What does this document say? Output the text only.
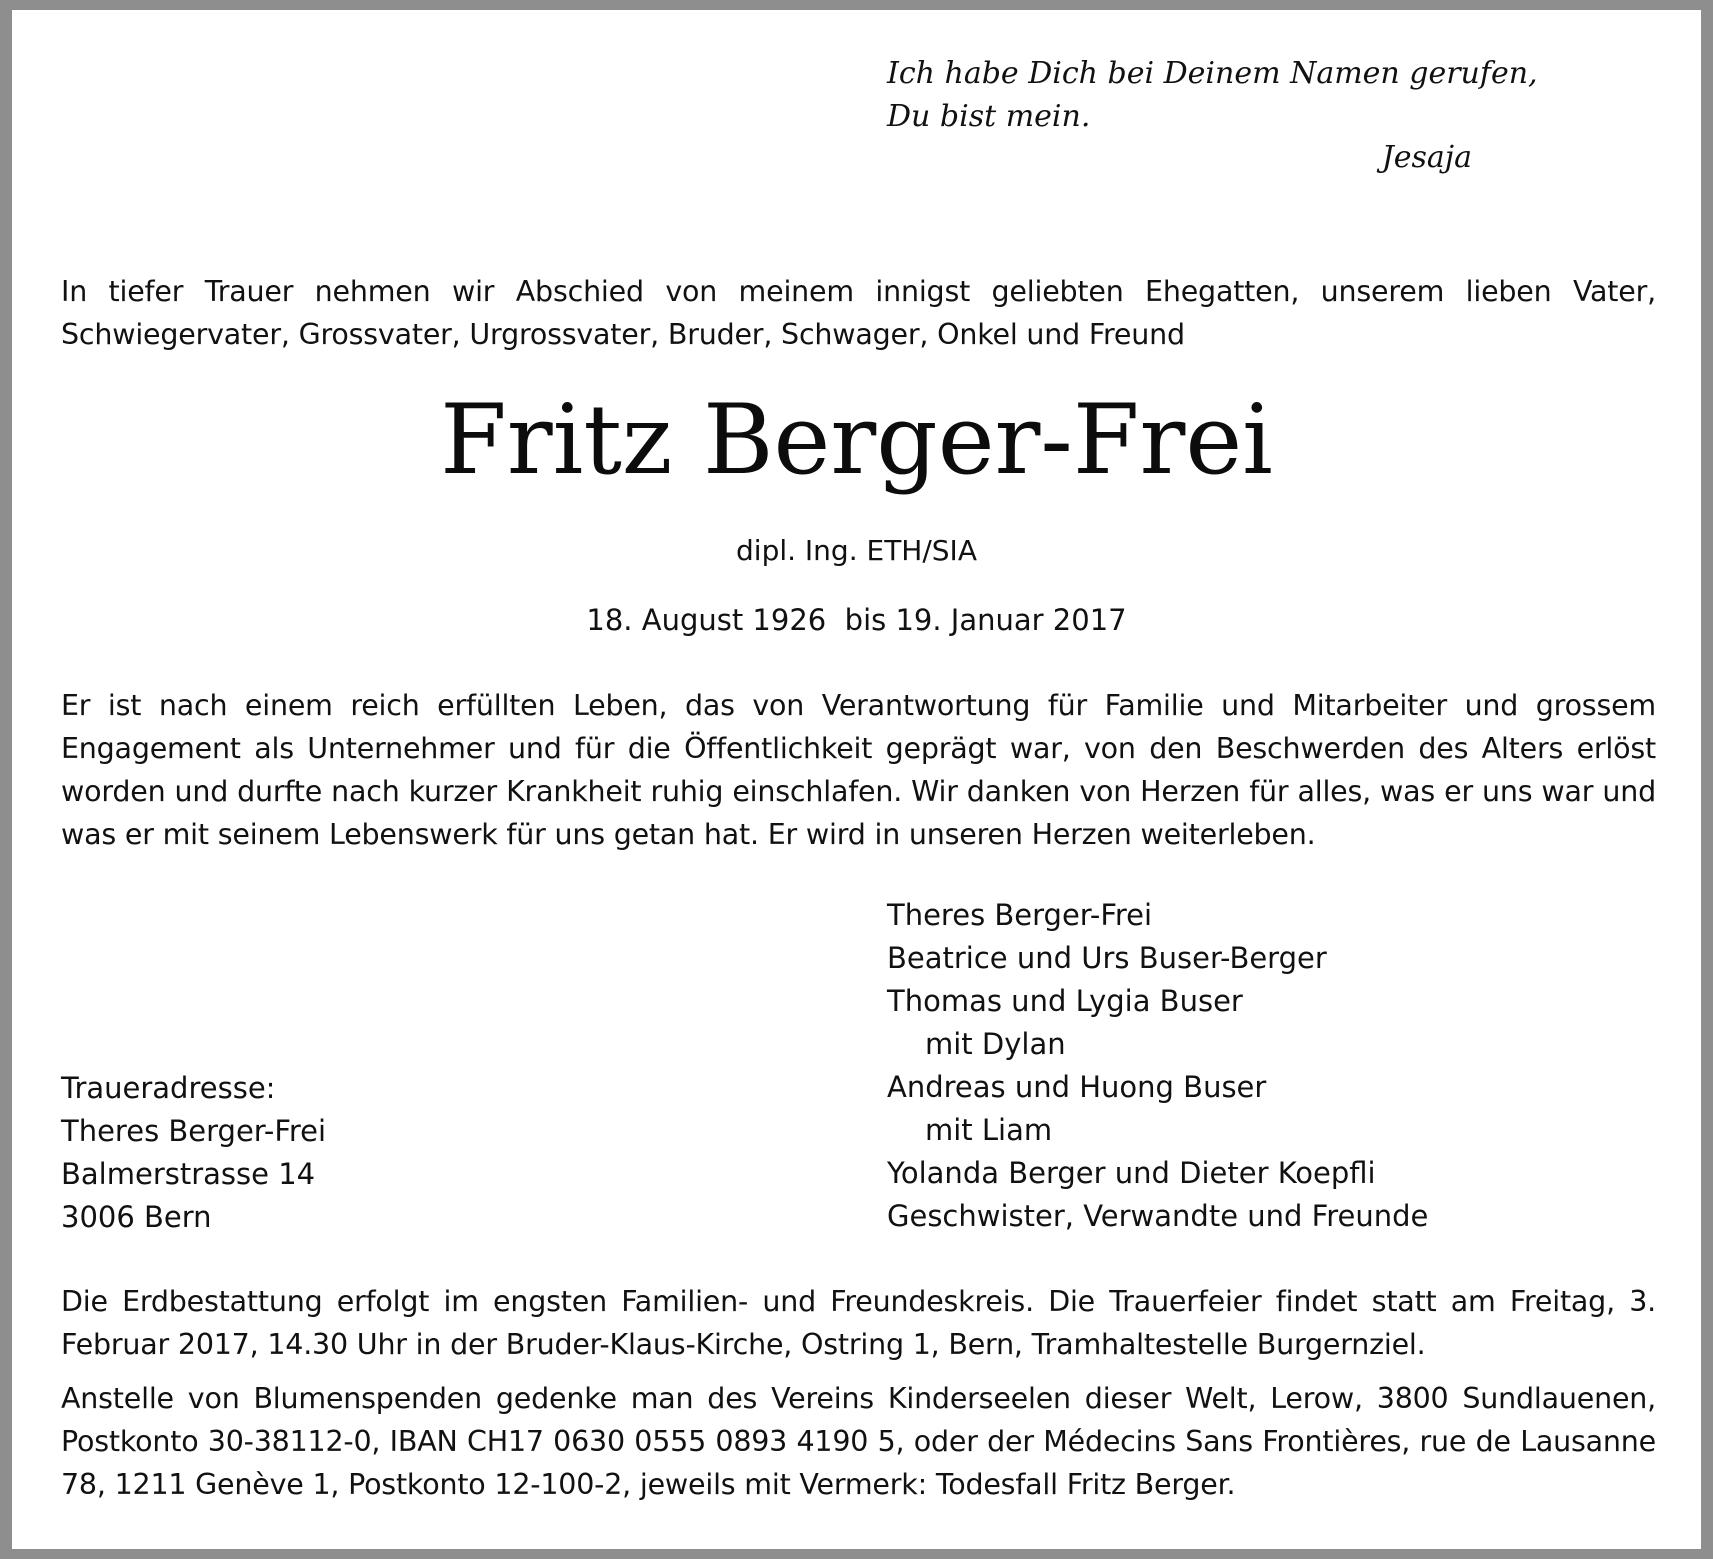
Ich habe Dich bei Deinem Namen gerufen,
Du bist mein.
Jesaja
In tiefer Trauer nehmen wir Abschied von meinem innigst geliebten Ehegatten, unserem lieben Vater, Schwiegervater, Grossvater, Urgrossvater, Bruder, Schwager, Onkel und Freund
Fritz Berger-Frei
dipl. Ing. ETH/SIA
18. August 1926  bis 19. Januar 2017
Er ist nach einem reich erfüllten Leben, das von Verantwortung für Familie und Mitarbeiter und grossem Engagement als Unternehmer und für die Öffentlichkeit geprägt war, von den Beschwerden des Alters erlöst worden und durfte nach kurzer Krankheit ruhig einschlafen. Wir danken von Herzen für alles, was er uns war und was er mit seinem Lebenswerk für uns getan hat. Er wird in unseren Herzen weiterleben.
Theres Berger-Frei
Beatrice und Urs Buser-Berger
Thomas und Lygia Buser
mit Dylan
Andreas und Huong Buser
mit Liam
Yolanda Berger und Dieter Koepfli
Geschwister, Verwandte und Freunde
Traueradresse:
Theres Berger-Frei
Balmerstrasse 14
3006 Bern
Die Erdbestattung erfolgt im engsten Familien- und Freundeskreis. Die Trauerfeier findet statt am Freitag, 3. Februar 2017, 14.30 Uhr in der Bruder-Klaus-Kirche, Ostring 1, Bern, Tramhaltestelle Burgernziel.
Anstelle von Blumenspenden gedenke man des Vereins Kinderseelen dieser Welt, Lerow, 3800 Sundlauenen, Postkonto 30-38112-0, IBAN CH17 0630 0555 0893 4190 5, oder der Médecins Sans Frontières, rue de Lausanne 78, 1211 Genève 1, Postkonto 12-100-2, jeweils mit Vermerk: Todesfall Fritz Berger.
